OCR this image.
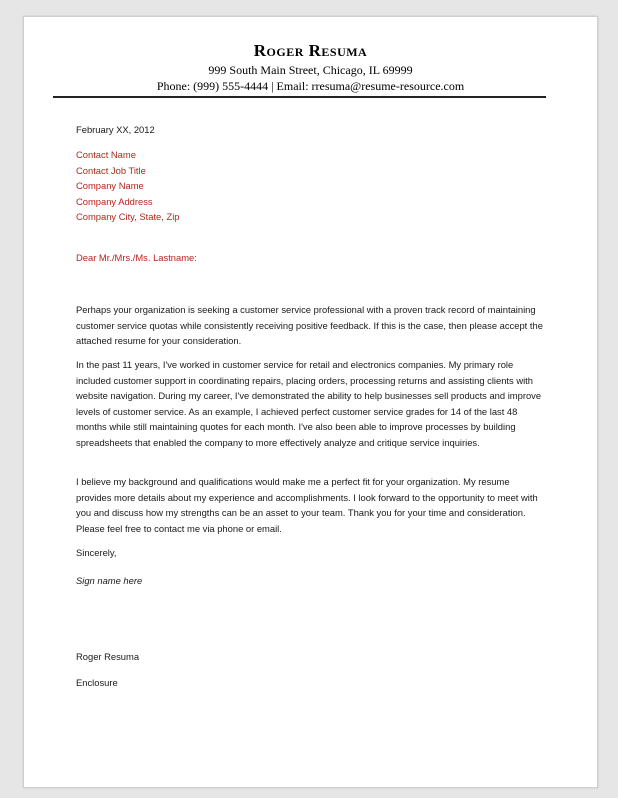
Roger Resuma
999 South Main Street, Chicago, IL 69999
Phone: (999) 555-4444 | Email: rresuma@resume-resource.com
February XX, 2012
Contact Name
Contact Job Title
Company Name
Company Address
Company City, State, Zip
Dear Mr./Mrs./Ms. Lastname:

Perhaps your organization is seeking a customer service professional with a proven track record of maintaining customer service quotas while consistently receiving positive feedback. If this is the case, then please accept the attached resume for your consideration.

In the past 11 years, I've worked in customer service for retail and electronics companies. My primary role included customer support in coordinating repairs, placing orders, processing returns and assisting clients with website navigation. During my career, I've demonstrated the ability to help businesses sell products and improve levels of customer service. As an example, I achieved perfect customer service grades for 14 of the last 48 months while still maintaining quotes for each month. I've also been able to improve processes by building spreadsheets that enabled the company to more effectively analyze and critique service inquiries.

I believe my background and qualifications would make me a perfect fit for your organization. My resume provides more details about my experience and accomplishments. I look forward to the opportunity to meet with you and discuss how my strengths can be an asset to your team. Thank you for your time and consideration. Please feel free to contact me via phone or email.

Sincerely,
Sign name here
Roger Resuma
Enclosure
